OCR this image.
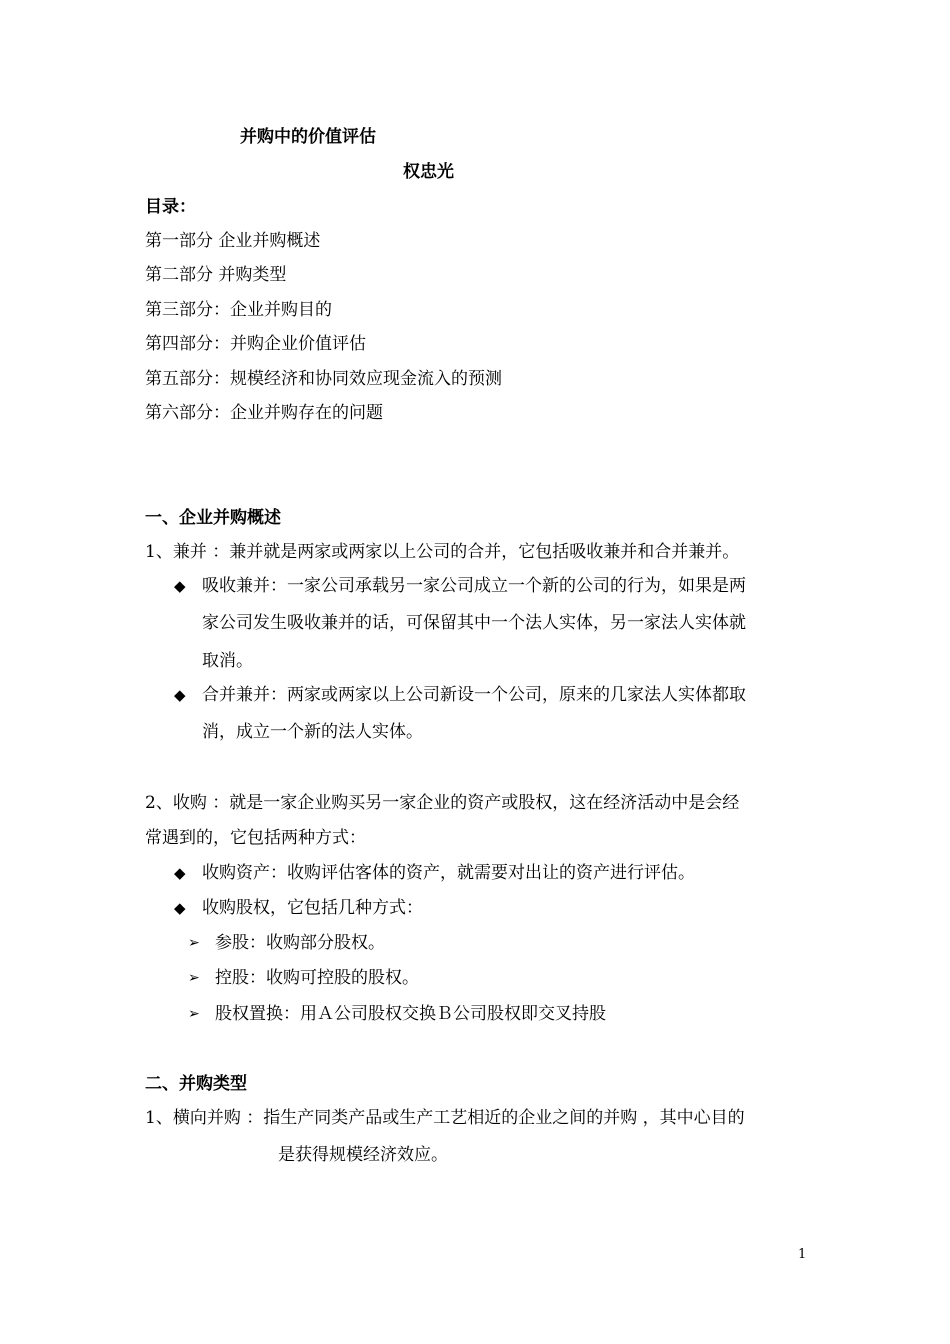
并购中的价值评估
权忠光
目录：
第一部分 企业并购概述
第二部分 并购类型
第三部分：企业并购目的
第四部分：并购企业价值评估
第五部分：规模经济和协同效应现金流入的预测
第六部分：企业并购存在的问题
一、企业并购概述
1、兼并 ：兼并就是两家或两家以上公司的合并，它包括吸收兼并和合并兼并。
◆ 吸收兼并：一家公司承载另一家公司成立一个新的公司的行为，如果是两
家公司发生吸收兼并的话，可保留其中一个法人实体，另一家法人实体就
取消。
◆ 合并兼并：两家或两家以上公司新设一个公司，原来的几家法人实体都取
消，成立一个新的法人实体。
2、收购 ：就是一家企业购买另一家企业的资产或股权，这在经济活动中是会经
常遇到的，它包括两种方式：
◆ 收购资产：收购评估客体的资产，就需要对出让的资产进行评估。
◆ 收购股权，它包括几种方式：
➢ 参股：收购部分股权。
➢ 控股：收购可控股的股权。
➢ 股权置换：用Ａ公司股权交换Ｂ公司股权即交叉持股
二、并购类型
1、横向并购 ：指生产同类产品或生产工艺相近的企业之间的并购 ，其中心目的
是获得规模经济效应。
1
